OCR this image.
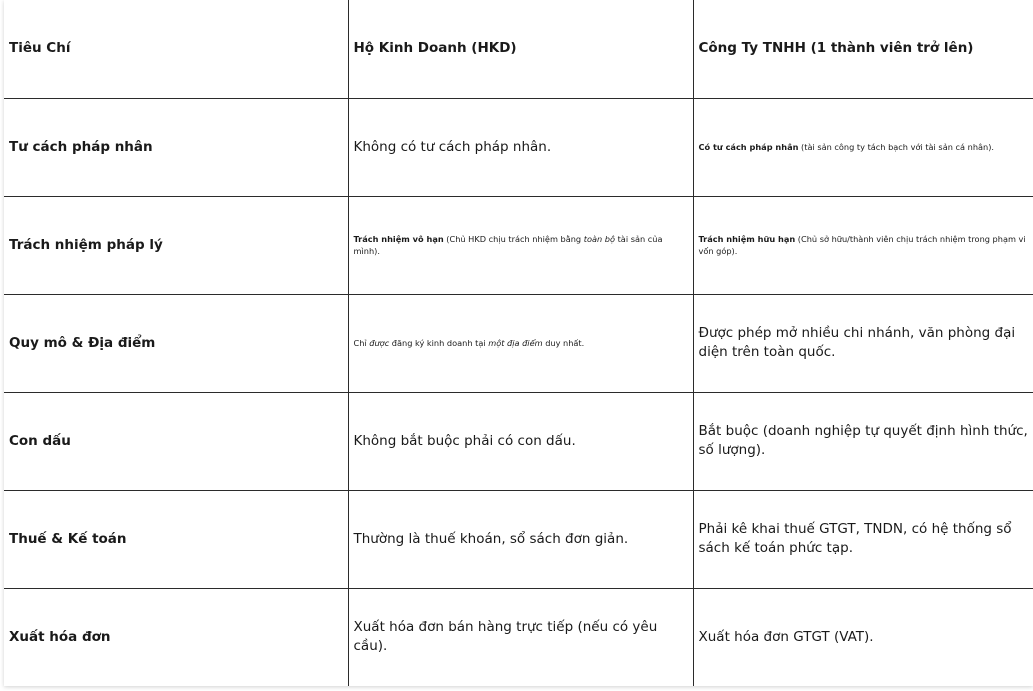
Tiêu Chí	Hộ Kinh Doanh (HKD)	Công Ty TNHH (1 thành viên trở lên)
Tư cách pháp nhân	Không có tư cách pháp nhân.	Có tư cách pháp nhân (tài sản công ty tách bạch với tài sản cá nhân).
Trách nhiệm pháp lý	Trách nhiệm vô hạn (Chủ HKD chịu trách nhiệm bằng toàn bộ tài sản của mình).	Trách nhiệm hữu hạn (Chủ sở hữu/thành viên chịu trách nhiệm trong phạm vi vốn góp).
Quy mô & Địa điểm	Chỉ được đăng ký kinh doanh tại một địa điểm duy nhất.	Được phép mở nhiều chi nhánh, văn phòng đại diện trên toàn quốc.
Con dấu	Không bắt buộc phải có con dấu.	Bắt buộc (doanh nghiệp tự quyết định hình thức, số lượng).
Thuế & Kế toán	Thường là thuế khoán, sổ sách đơn giản.	Phải kê khai thuế GTGT, TNDN, có hệ thống sổ sách kế toán phức tạp.
Xuất hóa đơn	Xuất hóa đơn bán hàng trực tiếp (nếu có yêu cầu).	Xuất hóa đơn GTGT (VAT).
